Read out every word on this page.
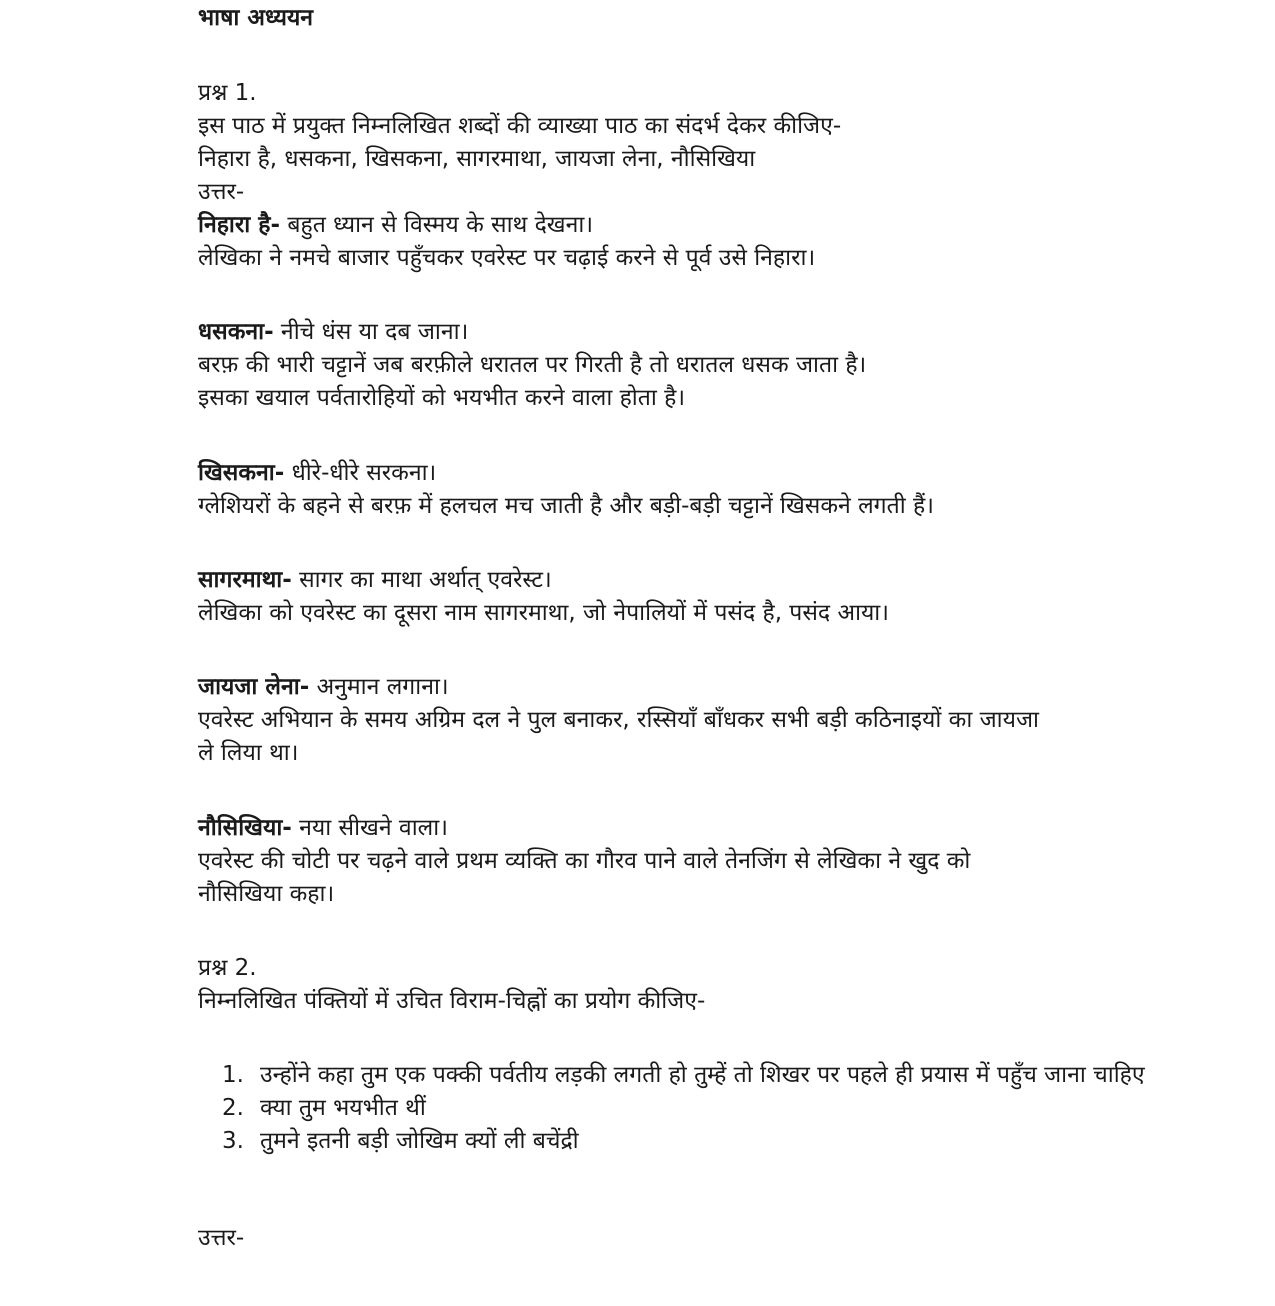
भाषा अध्ययन
प्रश्न 1.
इस पाठ में प्रयुक्त निम्नलिखित शब्दों की व्याख्या पाठ का संदर्भ देकर कीजिए-
निहारा है, धसकना, खिसकना, सागरमाथा, जायजा लेना, नौसिखिया
उत्तर-
निहारा है- बहुत ध्यान से विस्मय के साथ देखना।
लेखिका ने नमचे बाजार पहुँचकर एवरेस्ट पर चढ़ाई करने से पूर्व उसे निहारा।
धसकना- नीचे धंस या दब जाना।
बरफ़ की भारी चट्टानें जब बरफ़ीले धरातल पर गिरती है तो धरातल धसक जाता है।
इसका खयाल पर्वतारोहियों को भयभीत करने वाला होता है।
खिसकना- धीरे-धीरे सरकना।
ग्लेशियरों के बहने से बरफ़ में हलचल मच जाती है और बड़ी-बड़ी चट्टानें खिसकने लगती हैं।
सागरमाथा- सागर का माथा अर्थात् एवरेस्ट।
लेखिका को एवरेस्ट का दूसरा नाम सागरमाथा, जो नेपालियों में पसंद है, पसंद आया।
जायजा लेना- अनुमान लगाना।
एवरेस्ट अभियान के समय अग्रिम दल ने पुल बनाकर, रस्सियाँ बाँधकर सभी बड़ी कठिनाइयों का जायजा
ले लिया था।
नौसिखिया- नया सीखने वाला।
एवरेस्ट की चोटी पर चढ़ने वाले प्रथम व्यक्ति का गौरव पाने वाले तेनजिंग से लेखिका ने खुद को
नौसिखिया कहा।
प्रश्न 2.
निम्नलिखित पंक्तियों में उचित विराम-चिह्नों का प्रयोग कीजिए-
1. उन्होंने कहा तुम एक पक्की पर्वतीय लड़की लगती हो तुम्हें तो शिखर पर पहले ही प्रयास में पहुँच जाना चाहिए
2. क्या तुम भयभीत थीं
3. तुमने इतनी बड़ी जोखिम क्यों ली बचेंद्री
उत्तर-
